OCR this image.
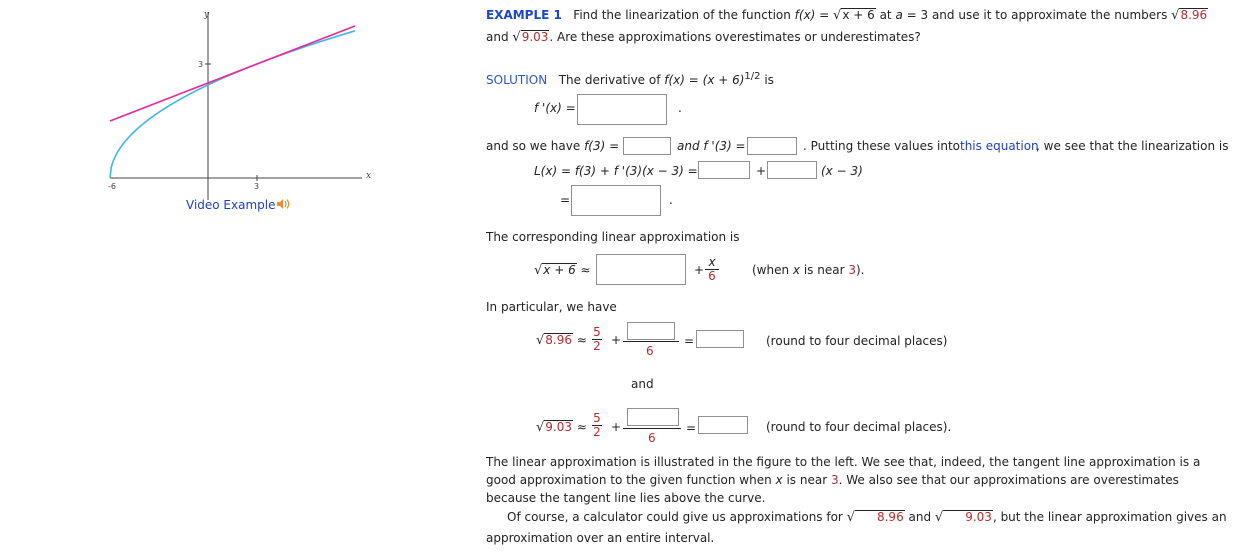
y
x
3
-6	3
Video Example
EXAMPLE 1 Find the linearization of the function f(x) = √x + 6 at a = 3 and use it to approximate the numbers √8.96
and √9.03. Are these approximations overestimates or underestimates?
SOLUTION The derivative of $f(x) = (x + 6)^{1/2}$ is
f '(x) =	.
and so we have f(3) =	and f '(3) =	. Putting these values into this equation
, we see that the linearization is
L(x) = f(3) + f '(3)(x − 3) =	+	(x − 3)
=	.
The corresponding linear approximation is
√x + 6 ≈	+ $\frac{x}{6}$	(when x is near 3).
In particular, we have
$√8.96 \approx \frac{5}{2}$ +
6
=	(round to four decimal places)
and
$√9.03 \approx \frac{5}{2}$ +
6
=	(round to four decimal places).

The linear approximation is illustrated in the figure to the left. We see that, indeed, the tangent line approximation is a good approximation to the given function when x is near 3. We also see that our approximations are overestimates because the tangent line lies above the curve.

Of course, a calculator could give us approximations for √ 8.96 and √ 9.03, but the linear approximation gives an approximation over an entire interval.
